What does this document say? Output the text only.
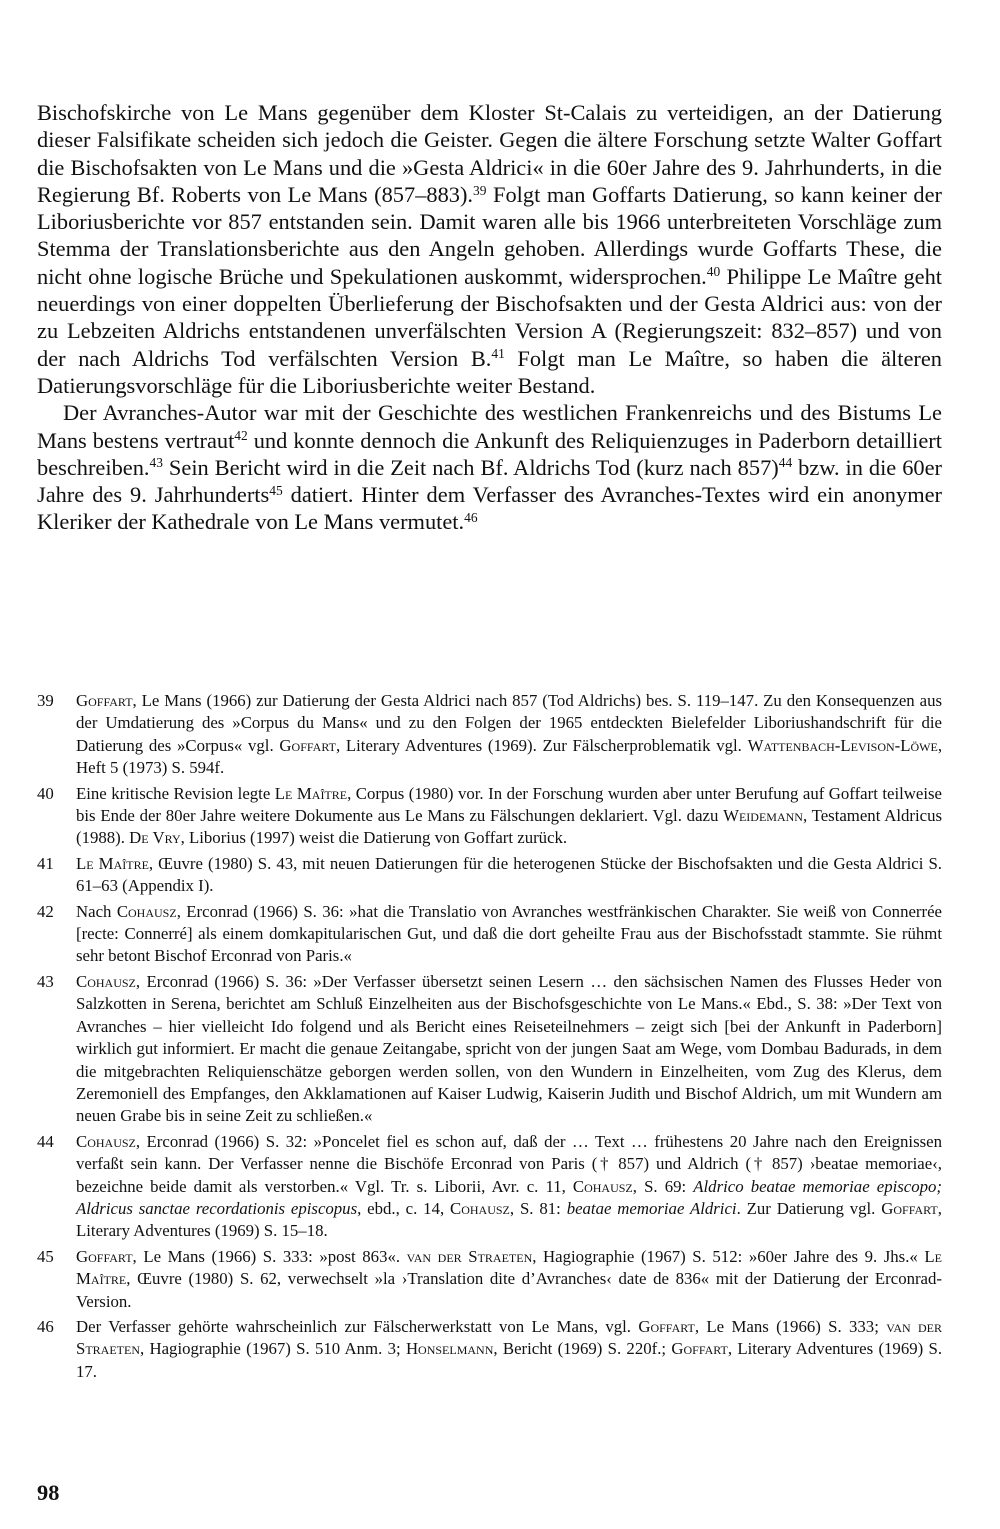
Bischofskirche von Le Mans gegenüber dem Kloster St-Calais zu verteidigen, an der Datierung dieser Falsifikate scheiden sich jedoch die Geister. Gegen die ältere Forschung setzte Walter Goffart die Bischofsakten von Le Mans und die »Gesta Aldrici« in die 60er Jahre des 9. Jahrhunderts, in die Regierung Bf. Roberts von Le Mans (857–883).$^{39}$ Folgt man Goffarts Datierung, so kann keiner der Liboriusberichte vor 857 entstanden sein. Damit waren alle bis 1966 unterbreiteten Vorschläge zum Stemma der Translationsberichte aus den Angeln gehoben. Allerdings wurde Goffarts These, die nicht ohne logische Brüche und Spekulationen auskommt, widersprochen.$^{40}$ Philippe Le Maître geht neuerdings von einer doppelten Überlieferung der Bischofsakten und der Gesta Aldrici aus: von der zu Lebzeiten Aldrichs entstandenen unverfälschten Version A (Regierungszeit: 832–857) und von der nach Aldrichs Tod verfälschten Version B.$^{41}$ Folgt man Le Maître, so haben die älteren Datierungsvorschläge für die Liboriusberichte weiter Bestand.

Der Avranches-Autor war mit der Geschichte des westlichen Frankenreichs und des Bistums Le Mans bestens vertraut$^{42}$ und konnte dennoch die Ankunft des Reliquienzuges in Paderborn detailliert beschreiben.$^{43}$ Sein Bericht wird in die Zeit nach Bf. Aldrichs Tod (kurz nach 857)$^{44}$ bzw. in die 60er Jahre des 9. Jahrhunderts$^{45}$ datiert. Hinter dem Verfasser des Avranches-Textes wird ein anonymer Kleriker der Kathedrale von Le Mans vermutet.$^{46}$

39	Goffart, Le Mans (1966) zur Datierung der Gesta Aldrici nach 857 (Tod Aldrichs) bes. S. 119–147. Zu den Konsequenzen aus der Umdatierung des »Corpus du Mans« und zu den Folgen der 1965 entdeckten Bielefelder Liboriushandschrift für die Datierung des »Corpus« vgl. Goffart, Literary Adventures (1969). Zur Fälscherproblematik vgl. Wattenbach-Levison-Löwe, Heft 5 (1973) S. 594f.
40	Eine kritische Revision legte Le Maître, Corpus (1980) vor. In der Forschung wurden aber unter Berufung auf Goffart teilweise bis Ende der 80er Jahre weitere Dokumente aus Le Mans zu Fälschungen deklariert. Vgl. dazu Weidemann, Testament Aldricus (1988). De Vry, Liborius (1997) weist die Datierung von Goffart zurück.
41	Le Maître, Œuvre (1980) S. 43, mit neuen Datierungen für die heterogenen Stücke der Bischofsakten und die Gesta Aldrici S. 61–63 (Appendix I).
42	Nach Cohausz, Erconrad (1966) S. 36: »hat die Translatio von Avranches westfränkischen Charakter. Sie weiß von Connerrée [recte: Connerré] als einem domkapitularischen Gut, und daß die dort geheilte Frau aus der Bischofsstadt stammte. Sie rühmt sehr betont Bischof Erconrad von Paris.«
43	Cohausz, Erconrad (1966) S. 36: »Der Verfasser übersetzt seinen Lesern … den sächsischen Namen des Flusses Heder von Salzkotten in Serena, berichtet am Schluß Einzelheiten aus der Bischofsgeschichte von Le Mans.« Ebd., S. 38: »Der Text von Avranches – hier vielleicht Ido folgend und als Bericht eines Reiseteilnehmers – zeigt sich [bei der Ankunft in Paderborn] wirklich gut informiert. Er macht die genaue Zeitangabe, spricht von der jungen Saat am Wege, vom Dombau Badurads, in dem die mitgebrachten Reliquienschätze geborgen werden sollen, von den Wundern in Einzelheiten, vom Zug des Klerus, dem Zeremoniell des Empfanges, den Akklamationen auf Kaiser Ludwig, Kaiserin Judith und Bischof Aldrich, um mit Wundern am neuen Grabe bis in seine Zeit zu schließen.«
44	Cohausz, Erconrad (1966) S. 32: »Poncelet fiel es schon auf, daß der … Text … frühestens 20 Jahre nach den Ereignissen verfaßt sein kann. Der Verfasser nenne die Bischöfe Erconrad von Paris († 857) und Aldrich († 857) ›beatae memoriae‹, bezeichne beide damit als verstorben.« Vgl. Tr. s. Liborii, Avr. c. 11, Cohausz, S. 69: Aldrico beatae memoriae episcopo; Aldricus sanctae recordationis episcopus, ebd., c. 14, Cohausz, S. 81: beatae memoriae Aldrici. Zur Datierung vgl. Goffart, Literary Adventures (1969) S. 15–18.
45	Goffart, Le Mans (1966) S. 333: »post 863«. van der Straeten, Hagiographie (1967) S. 512: »60er Jahre des 9. Jhs.« Le Maître, Œuvre (1980) S. 62, verwechselt »la ›Translation dite d’Avranches‹ date de 836« mit der Datierung der Erconrad-Version.
46	Der Verfasser gehörte wahrscheinlich zur Fälscherwerkstatt von Le Mans, vgl. Goffart, Le Mans (1966) S. 333; van der Straeten, Hagiographie (1967) S. 510 Anm. 3; Honselmann, Bericht (1969) S. 220f.; Goffart, Literary Adventures (1969) S. 17.
98
